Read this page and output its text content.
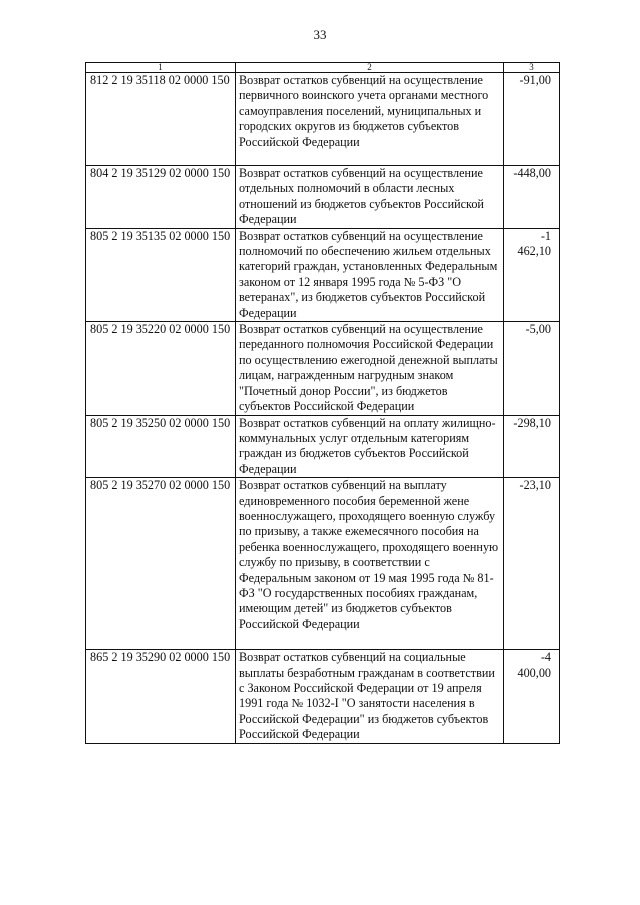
33
1	2	3
812 2 19 35118 02 0000 150	Возврат остатков субвенций на осуществление первичного воинского учета органами местного самоуправления поселений, муниципальных и городских округов из бюджетов субъектов Российской Федерации	-91,00
804 2 19 35129 02 0000 150	Возврат остатков субвенций на осуществление отдельных полномочий в области лесных отношений из бюджетов субъектов Российской Федерации	-448,00
805 2 19 35135 02 0000 150	Возврат остатков субвенций на осуществление полномочий по обеспечению жильем отдельных категорий граждан, установленных Федеральным законом от 12 января 1995 года № 5-ФЗ "О ветеранах", из бюджетов субъектов Российской Федерации	-1 462,10
805 2 19 35220 02 0000 150	Возврат остатков субвенций на осуществление переданного полномочия Российской Федерации по осуществлению ежегодной денежной выплаты лицам, награжденным нагрудным знаком "Почетный донор России", из бюджетов субъектов Российской Федерации	-5,00
805 2 19 35250 02 0000 150	Возврат остатков субвенций на оплату жилищно-коммунальных услуг отдельным категориям граждан из бюджетов субъектов Российской Федерации	-298,10
805 2 19 35270 02 0000 150	Возврат остатков субвенций на выплату единовременного пособия беременной жене военнослужащего, проходящего военную службу по призыву, а также ежемесячного пособия на ребенка военнослужащего, проходящего военную службу по призыву, в соответствии с Федеральным законом от 19 мая 1995 года № 81-ФЗ "О государственных пособиях гражданам, имеющим детей" из бюджетов субъектов Российской Федерации	-23,10
865 2 19 35290 02 0000 150	Возврат остатков субвенций на социальные выплаты безработным гражданам в соответствии с Законом Российской Федерации от 19 апреля 1991 года № 1032-I "О занятости населения в Российской Федерации" из бюджетов субъектов Российской Федерации	-4 400,00
